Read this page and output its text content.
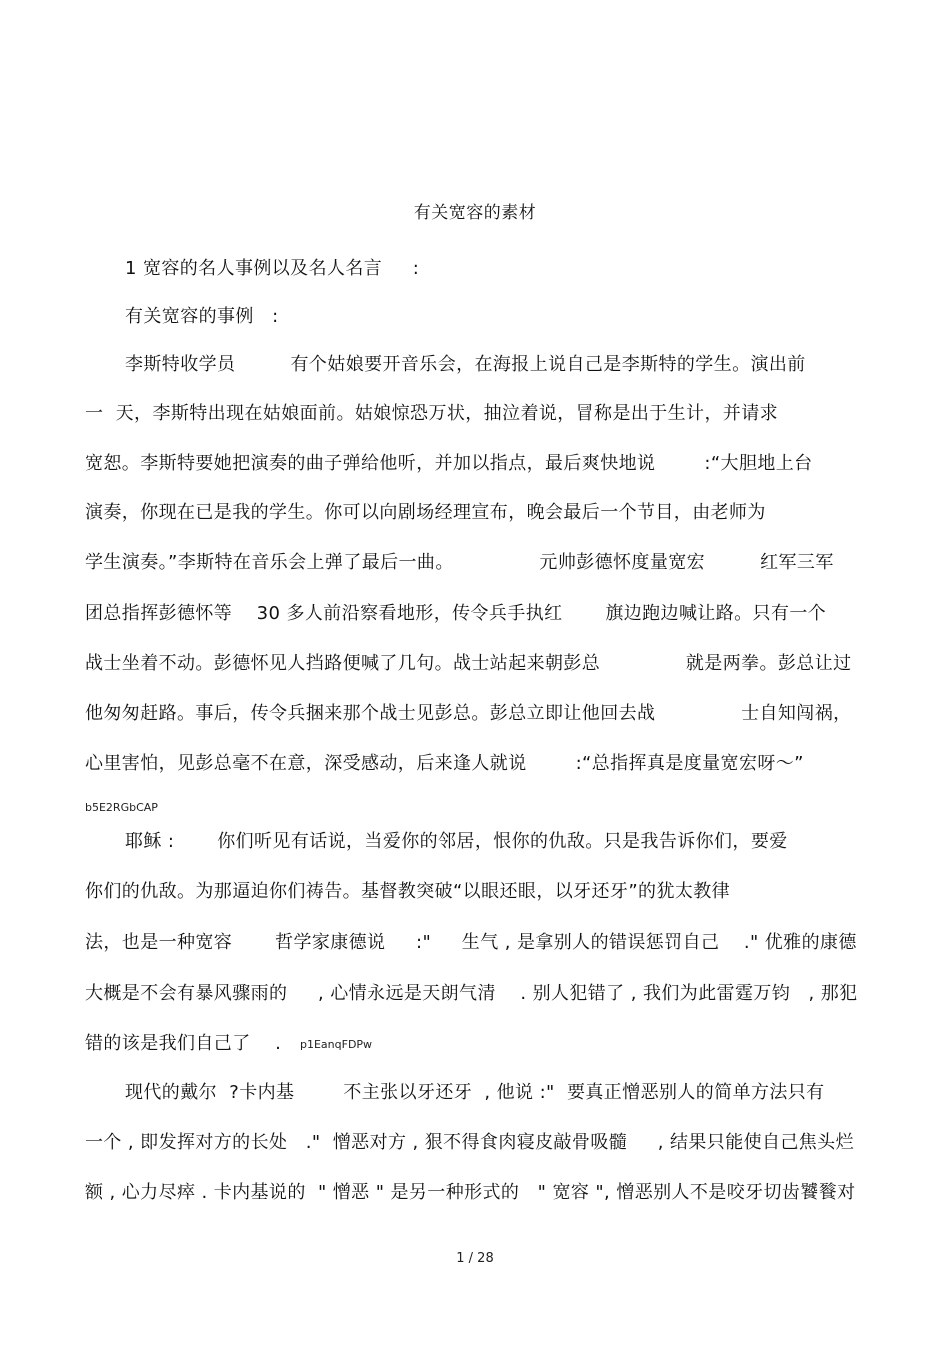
有关宽容的素材
1 宽容的名人事例以及名人名言     :
有关宽容的事例   :
李斯特收学员         有个姑娘要开音乐会，在海报上说自己是李斯特的学生。演出前
一  天，李斯特出现在姑娘面前。姑娘惊恐万状，抽泣着说，冒称是出于生计，并请求
宽恕。李斯特要她把演奏的曲子弹给他听，并加以指点，最后爽快地说        :“大胆地上台
演奏，你现在已是我的学生。你可以向剧场经理宣布，晚会最后一个节目，由老师为
学生演奏。”李斯特在音乐会上弹了最后一曲。              元帅彭德怀度量宽宏         红军三军
团总指挥彭德怀等    30 多人前沿察看地形，传令兵手执红       旗边跑边喊让路。只有一个
战士坐着不动。彭德怀见人挡路便喊了几句。战士站起来朝彭总              就是两拳。彭总让过
他匆匆赶路。事后，传令兵捆来那个战士见彭总。彭总立即让他回去战              士自知闯祸，
心里害怕，见彭总毫不在意，深受感动，后来逢人就说        :“总指挥真是度量宽宏呀～”
b5E2RGbCAP
耶稣 :       你们听见有话说，当爱你的邻居，恨你的仇敌。只是我告诉你们，要爱
你们的仇敌。为那逼迫你们祷告。基督教突破“以眼还眼，以牙还牙”的犹太教律
法，也是一种宽容       哲学家康德说     :"     生气 , 是拿别人的错误惩罚自己    ." 优雅的康德
大概是不会有暴风骤雨的     , 心情永远是天朗气清    . 别人犯错了 , 我们为此雷霆万钧   , 那犯
错的该是我们自己了    . p1EanqFDPw
现代的戴尔  ?卡内基        不主张以牙还牙  , 他说 :"  要真正憎恶别人的简单方法只有
一个 , 即发挥对方的长处   ."  憎恶对方 , 狠不得食肉寝皮敲骨吸髓     , 结果只能使自己焦头烂
额 , 心力尽瘁 . 卡内基说的  " 憎恶 " 是另一种形式的   " 宽容 ", 憎恶别人不是咬牙切齿饕餮对
1 / 28
